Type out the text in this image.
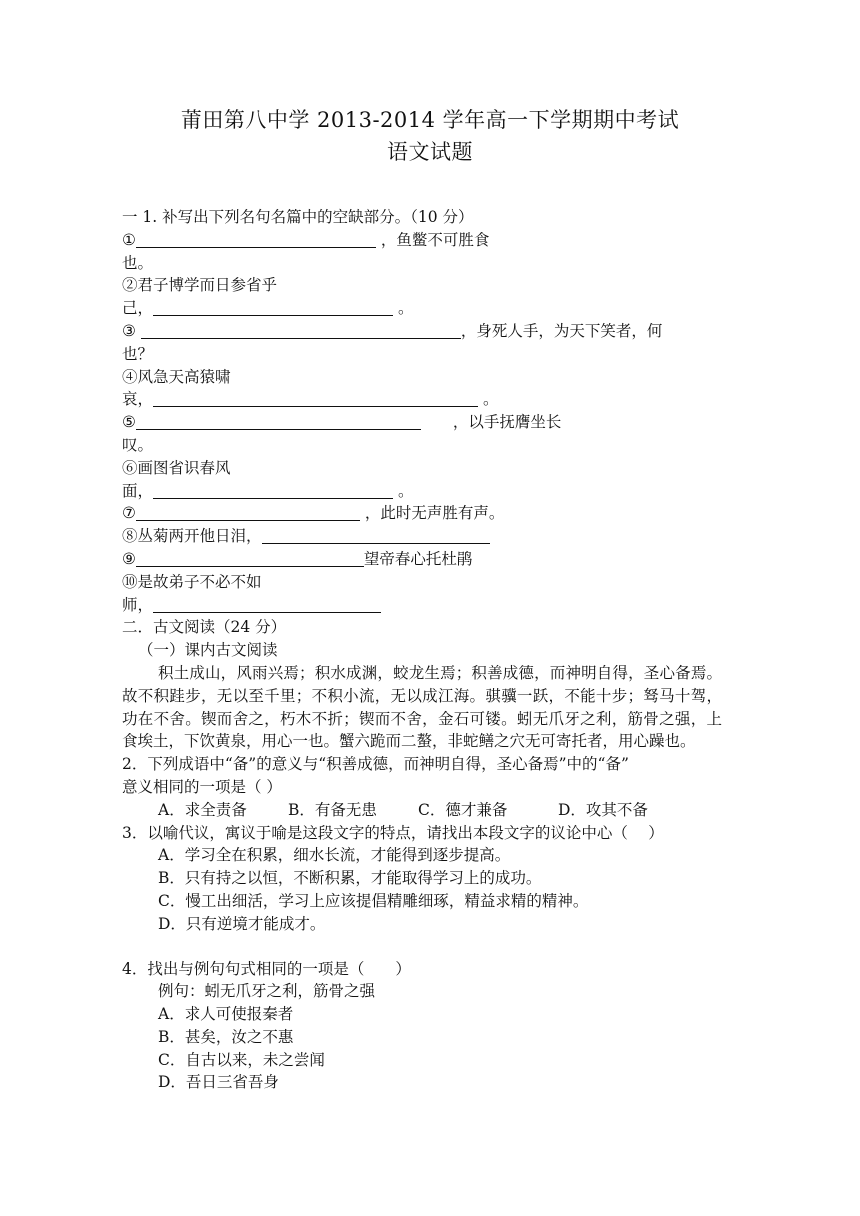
莆田第八中学 2013-2014 学年高一下学期期中考试
语文试题
一 1. 补写出下列名句名篇中的空缺部分。（10 分）
①	，鱼鳖不可胜食
也。
②君子博学而日参省乎
己，	。
③	，身死人手，为天下笑者，何
也？
④风急天高猿啸
哀，	。
⑤	，以手抚膺坐长
叹。
⑥画图省识春风
面，	。
⑦	，此时无声胜有声。
⑧丛菊两开他日泪，
⑨	望帝春心托杜鹃
⑩是故弟子不必不如
师，
二．古文阅读（24 分）
（一）课内古文阅读
积土成山，风雨兴焉；积水成渊，蛟龙生焉；积善成德，而神明自得，圣心备焉。故不积跬步，无以至千里；不积小流，无以成江海。骐骥一跃，不能十步；驽马十驾，功在不舍。锲而舍之，朽木不折；锲而不舍，金石可镂。蚓无爪牙之利，筋骨之强，上食埃土，下饮黄泉，用心一也。蟹六跪而二螯，非蛇鳝之穴无可寄托者，用心躁也。
2．下列成语中“备”的意义与“积善成德，而神明自得，圣心备焉”中的“备”
意义相同的一项是（ ）
A．求全责备	B．有备无患	C．德才兼备	D．攻其不备
3．以喻代议，寓议于喻是这段文字的特点，请找出本段文字的议论中心（　 ）
A．学习全在积累，细水长流，才能得到逐步提高。
B．只有持之以恒，不断积累，才能取得学习上的成功。
C．慢工出细活，学习上应该提倡精雕细琢，精益求精的精神。
D．只有逆境才能成才。
4．找出与例句句式相同的一项是（　　）
例句：蚓无爪牙之利，筋骨之强
A．求人可使报秦者
B．甚矣，汝之不惠
C．自古以来，未之尝闻
D．吾日三省吾身
